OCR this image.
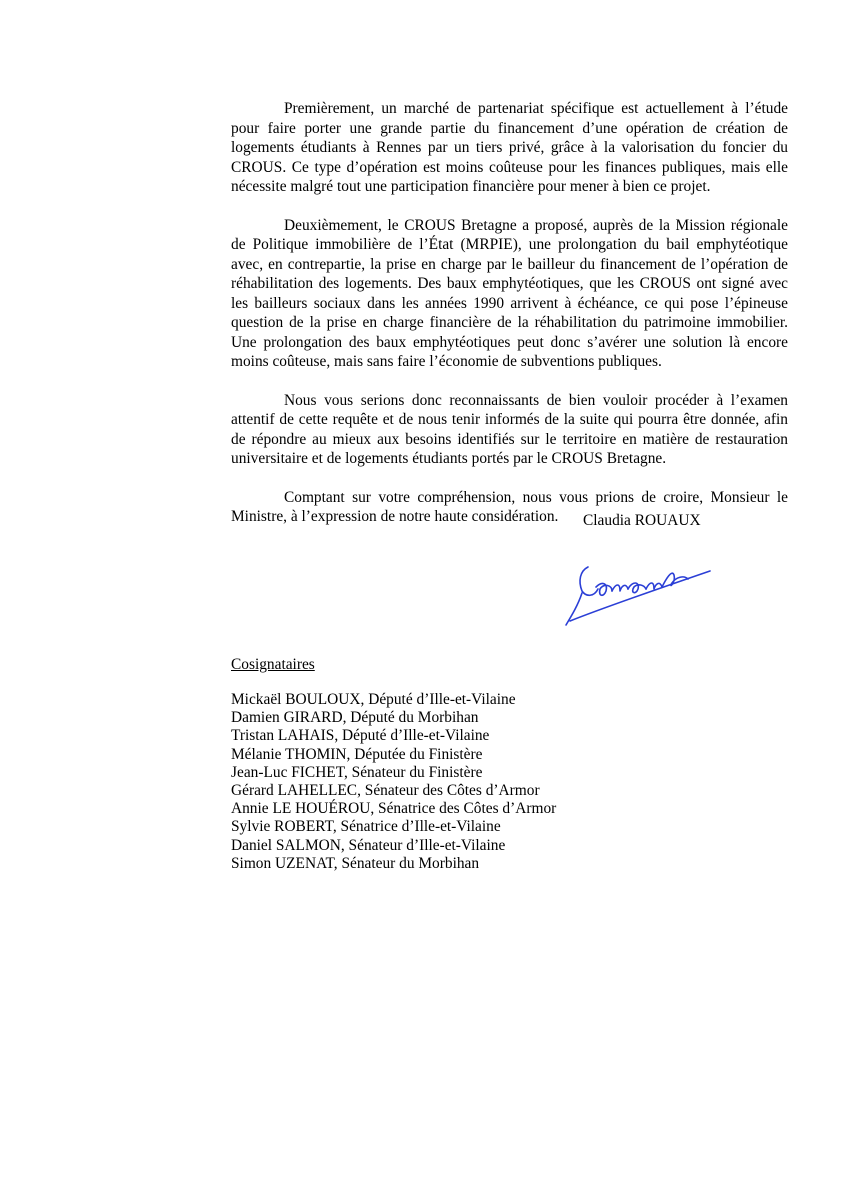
Premièrement, un marché de partenariat spécifique est actuellement à l’étude pour faire porter une grande partie du financement d’une opération de création de logements étudiants à Rennes par un tiers privé, grâce à la valorisation du foncier du CROUS. Ce type d’opération est moins coûteuse pour les finances publiques, mais elle nécessite malgré tout une participation financière pour mener à bien ce projet.

Deuxièmement, le CROUS Bretagne a proposé, auprès de la Mission régionale de Politique immobilière de l’État (MRPIE), une prolongation du bail emphytéotique avec, en contrepartie, la prise en charge par le bailleur du financement de l’opération de réhabilitation des logements. Des baux emphytéotiques, que les CROUS ont signé avec les bailleurs sociaux dans les années 1990 arrivent à échéance, ce qui pose l’épineuse question de la prise en charge financière de la réhabilitation du patrimoine immobilier. Une prolongation des baux emphytéotiques peut donc s’avérer une solution là encore moins coûteuse, mais sans faire l’économie de subventions publiques.

Nous vous serions donc reconnaissants de bien vouloir procéder à l’examen attentif de cette requête et de nous tenir informés de la suite qui pourra être donnée, afin de répondre au mieux aux besoins identifiés sur le territoire en matière de restauration universitaire et de logements étudiants portés par le CROUS Bretagne.

Comptant sur votre compréhension, nous vous prions de croire, Monsieur le Ministre, à l’expression de notre haute considération.	Claudia ROUAUX
Rouaux
Cosignataires
Mickaël BOULOUX, Député d’Ille-et-Vilaine
Damien GIRARD, Député du Morbihan
Tristan LAHAIS, Député d’Ille-et-Vilaine
Mélanie THOMIN, Députée du Finistère
Jean-Luc FICHET, Sénateur du Finistère
Gérard LAHELLEC, Sénateur des Côtes d’Armor
Annie LE HOUÉROU, Sénatrice des Côtes d’Armor
Sylvie ROBERT, Sénatrice d’Ille-et-Vilaine
Daniel SALMON, Sénateur d’Ille-et-Vilaine
Simon UZENAT, Sénateur du Morbihan
